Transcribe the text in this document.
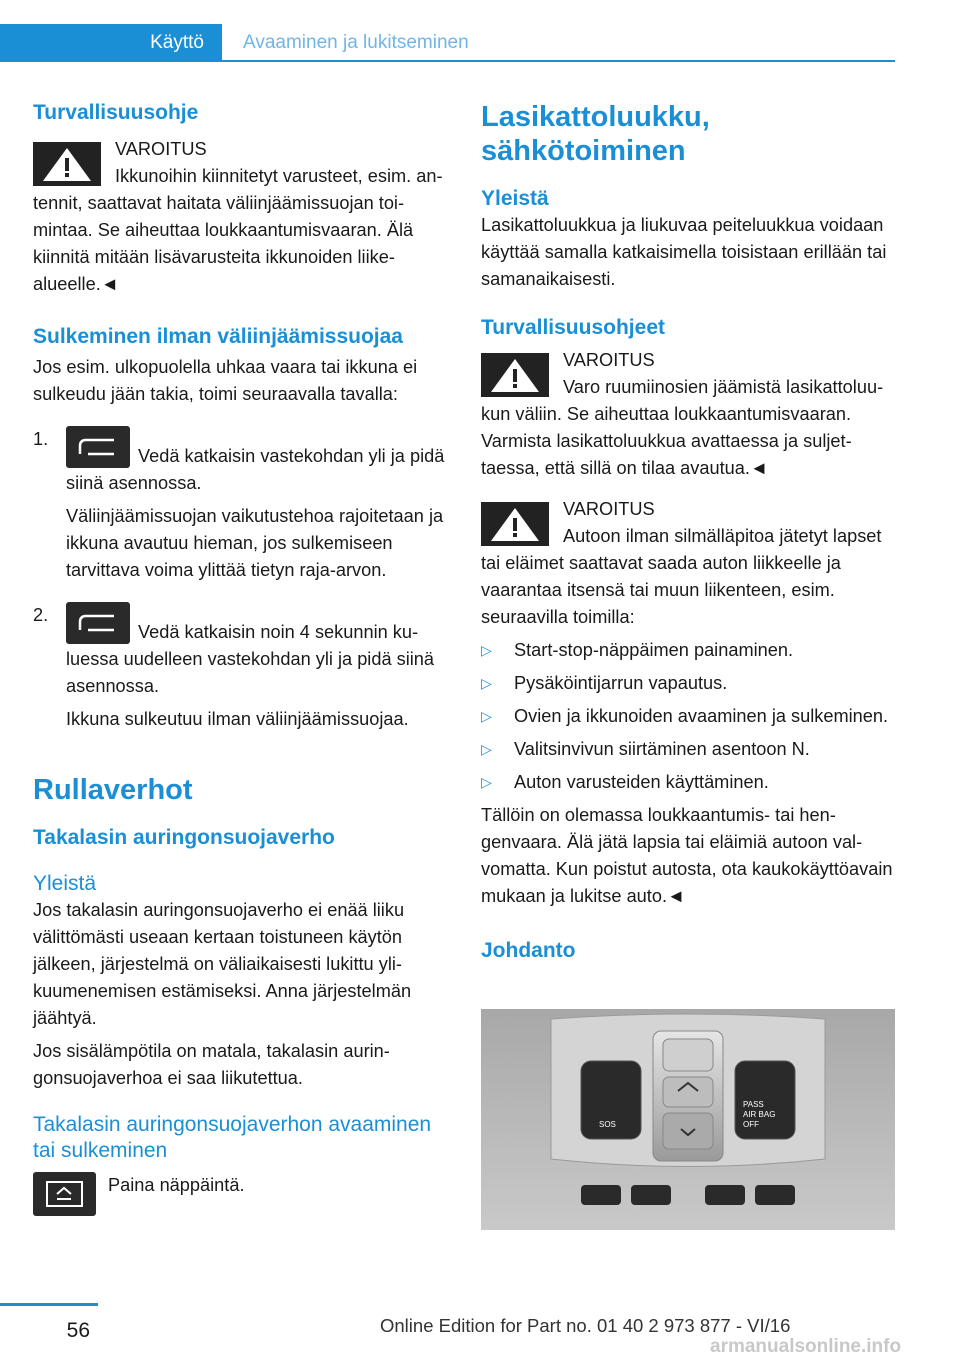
Käyttö Avaaminen ja lukitseminen
Turvallisuusohje

VAROITUS

Ikkunoihin kiinnitetyt varusteet, esim. antennit, saattavat haitata väliinjäämissuojan toimintaa. Se aiheuttaa loukkaantumisvaaran. Älä kiinnitä mitään lisävarusteita ikkunoiden liikealueelle.◄

Sulkeminen ilman väliinjäämissuojaa

Jos esim. ulkopuolella uhkaa vaara tai ikkuna ei sulkeudu jään takia, toimi seuraavalla tavalla:

1.

Vedä katkaisin vastekohdan yli ja pidä siinä asennossa.

Väliinjäämissuojan vaikutustehoa rajoitetaan ja ikkuna avautuu hieman, jos sulkemiseen tarvittava voima ylittää tietyn raja-arvon.

2.

Vedä katkaisin noin 4 sekunnin kuluessa uudelleen vastekohdan yli ja pidä siinä asennossa.

Ikkuna sulkeutuu ilman väliinjäämissuojaa.

Rullaverhot
Takalasin auringonsuojaverho
Yleistä

Jos takalasin auringonsuojaverho ei enää liiku välittömästi useaan kertaan toistuneen käytön jälkeen, järjestelmä on väliaikaisesti lukittu ylikuumenemisen estämiseksi. Anna järjestelmän jäähtyä.

Jos sisälämpötila on matala, takalasin auringonsuojaverhoa ei saa liikutettua.

Takalasin auringonsuojaverhon avaaminen tai sulkeminen

Paina näppäintä.

Lasikattoluukku, sähkötoiminen
Yleistä

Lasikattoluukkua ja liukuvaa peiteluukkua voidaan käyttää samalla katkaisimella toisistaan erillään tai samanaikaisesti.

Turvallisuusohjeet

VAROITUS

Varo ruumiinosien jäämistä lasikattoluukun väliin. Se aiheuttaa loukkaantumisvaaran. Varmista lasikattoluukkua avattaessa ja suljettaessa, että sillä on tilaa avautua.◄

VAROITUS

Autoon ilman silmälläpitoa jätetyt lapset tai eläimet saattavat saada auton liikkeelle ja vaarantaa itsensä tai muun liikenteen, esim. seuraavilla toimilla:

▷ Start-stop-näppäimen painaminen.
▷ Pysäköintijarrun vapautus.
▷ Ovien ja ikkunoiden avaaminen ja sulkeminen.
▷ Valitsinvivun siirtäminen asentoon N.
▷ Auton varusteiden käyttäminen.

Tällöin on olemassa loukkaantumis- tai hengenvaara. Älä jätä lapsia tai eläimiä autoon valvomatta. Kun poistut autosta, ota kaukokäyttöavain mukaan ja lukitse auto.◄

Johdanto
SOS
PASS
AIR BAG
OFF
56	Online Edition for Part no. 01 40 2 973 877 - VI/16
armanualsonline.info
